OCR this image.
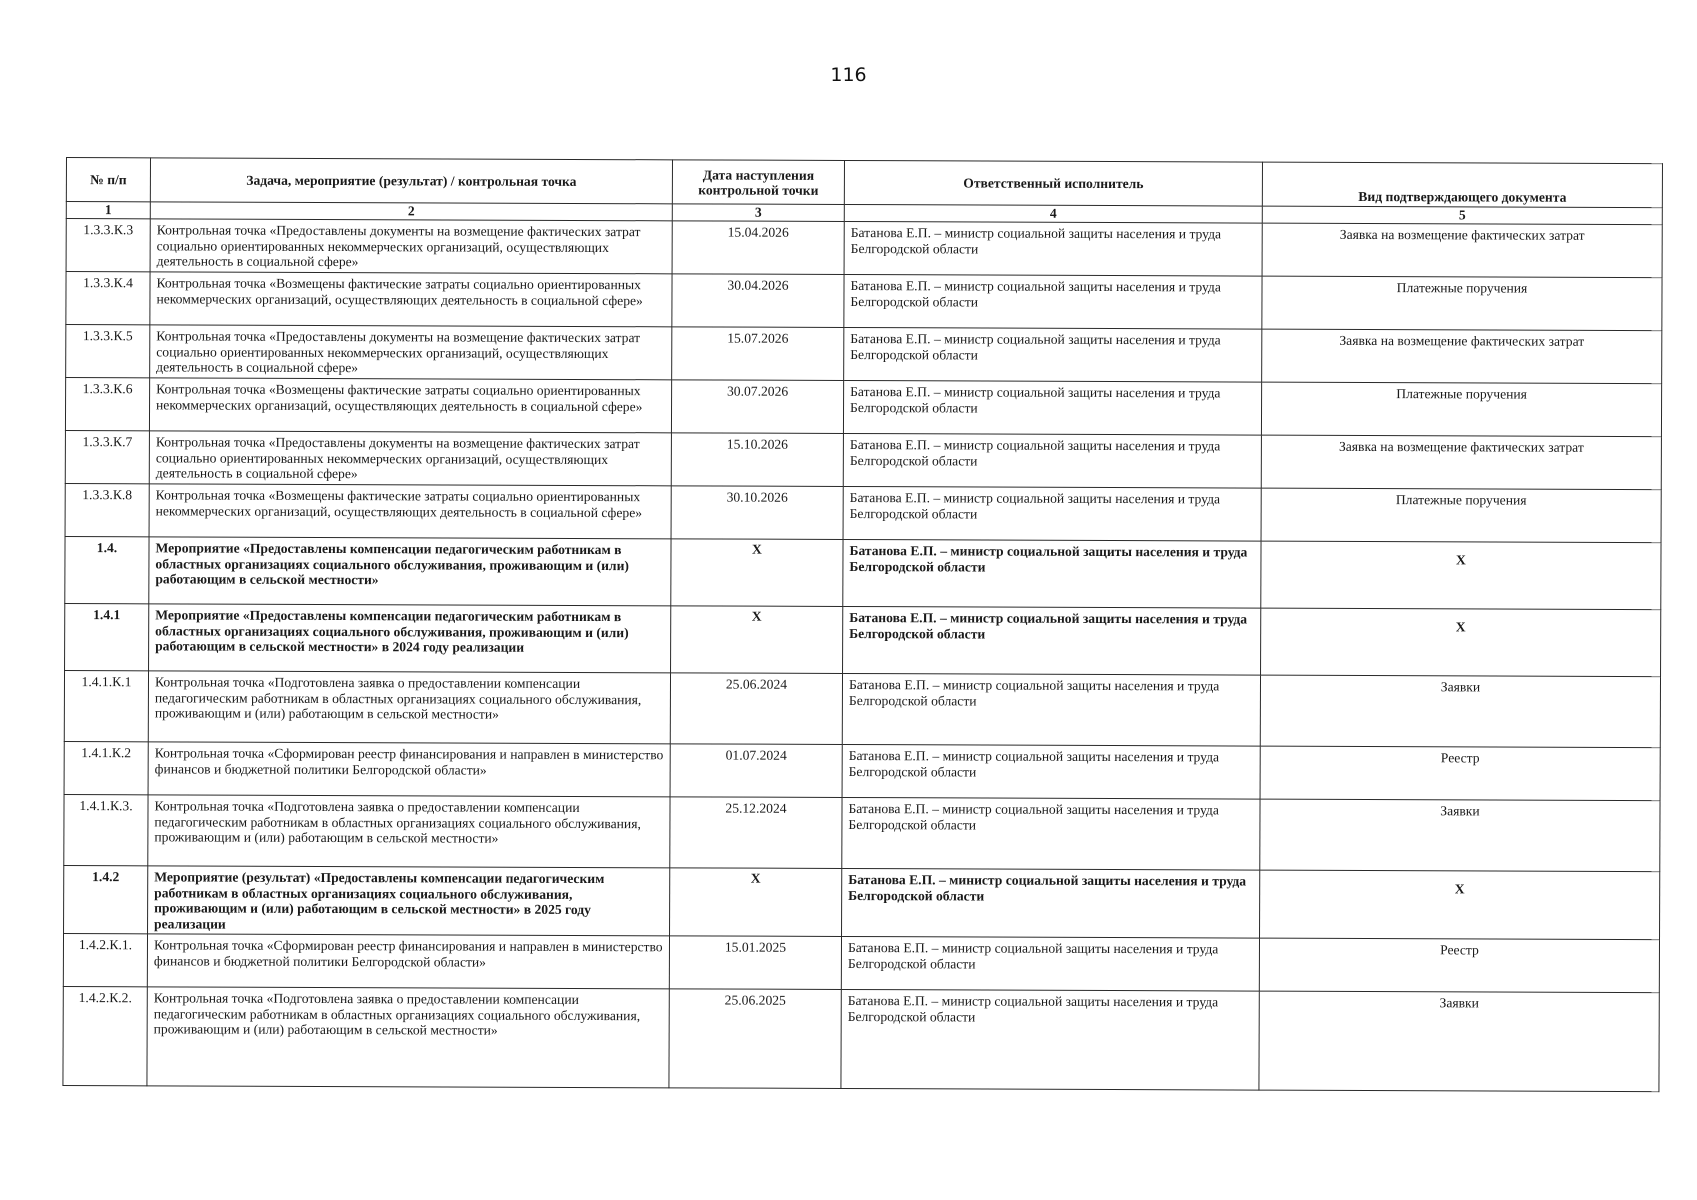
116
№ п/п	Задача, мероприятие (результат) / контрольная точка	Дата наступления контрольной точки	Ответственный исполнитель	Вид подтверждающего документа
1	2	3	4	5
1.3.3.К.3	Контрольная точка «Предоставлены документы на возмещение фактических затрат социально ориентированных некоммерческих организаций, осуществляющих деятельность в социальной сфере»	15.04.2026	Батанова Е.П. – министр социальной защиты населения и труда Белгородской области	Заявка на возмещение фактических затрат
1.3.3.К.4	Контрольная точка «Возмещены фактические затраты социально ориентированных некоммерческих организаций, осуществляющих деятельность в социальной сфере»	30.04.2026	Батанова Е.П. – министр социальной защиты населения и труда Белгородской области	Платежные поручения
1.3.3.К.5	Контрольная точка «Предоставлены документы на возмещение фактических затрат социально ориентированных некоммерческих организаций, осуществляющих деятельность в социальной сфере»	15.07.2026	Батанова Е.П. – министр социальной защиты населения и труда Белгородской области	Заявка на возмещение фактических затрат
1.3.3.К.6	Контрольная точка «Возмещены фактические затраты социально ориентированных некоммерческих организаций, осуществляющих деятельность в социальной сфере»	30.07.2026	Батанова Е.П. – министр социальной защиты населения и труда Белгородской области	Платежные поручения
1.3.3.К.7	Контрольная точка «Предоставлены документы на возмещение фактических затрат социально ориентированных некоммерческих организаций, осуществляющих деятельность в социальной сфере»	15.10.2026	Батанова Е.П. – министр социальной защиты населения и труда Белгородской области	Заявка на возмещение фактических затрат
1.3.3.К.8	Контрольная точка «Возмещены фактические затраты социально ориентированных некоммерческих организаций, осуществляющих деятельность в социальной сфере»	30.10.2026	Батанова Е.П. – министр социальной защиты населения и труда Белгородской области	Платежные поручения
1.4.	Мероприятие «Предоставлены компенсации педагогическим работникам в областных организациях социального обслуживания, проживающим и (или) работающим в сельской местности»	Х	Батанова Е.П. – министр социальной защиты населения и труда Белгородской области	Х
1.4.1	Мероприятие «Предоставлены компенсации педагогическим работникам в областных организациях социального обслуживания, проживающим и (или) работающим в сельской местности» в 2024 году реализации	Х	Батанова Е.П. – министр социальной защиты населения и труда Белгородской области	Х
1.4.1.К.1	Контрольная точка «Подготовлена заявка о предоставлении компенсации педагогическим работникам в областных организациях социального обслуживания, проживающим и (или) работающим в сельской местности»	25.06.2024	Батанова Е.П. – министр социальной защиты населения и труда Белгородской области	Заявки
1.4.1.К.2	Контрольная точка «Сформирован реестр финансирования и направлен в министерство финансов и бюджетной политики Белгородской области»	01.07.2024	Батанова Е.П. – министр социальной защиты населения и труда Белгородской области	Реестр
1.4.1.К.3.	Контрольная точка «Подготовлена заявка о предоставлении компенсации педагогическим работникам в областных организациях социального обслуживания, проживающим и (или) работающим в сельской местности»	25.12.2024	Батанова Е.П. – министр социальной защиты населения и труда Белгородской области	Заявки
1.4.2	Мероприятие (результат) «Предоставлены компенсации педагогическим работникам в областных организациях социального обслуживания, проживающим и (или) работающим в сельской местности» в 2025 году реализации	Х	Батанова Е.П. – министр социальной защиты населения и труда Белгородской области	Х
1.4.2.К.1.	Контрольная точка «Сформирован реестр финансирования и направлен в министерство финансов и бюджетной политики Белгородской области»	15.01.2025	Батанова Е.П. – министр социальной защиты населения и труда Белгородской области	Реестр
1.4.2.К.2.	Контрольная точка «Подготовлена заявка о предоставлении компенсации педагогическим работникам в областных организациях социального обслуживания, проживающим и (или) работающим в сельской местности»	25.06.2025	Батанова Е.П. – министр социальной защиты населения и труда Белгородской области	Заявки
